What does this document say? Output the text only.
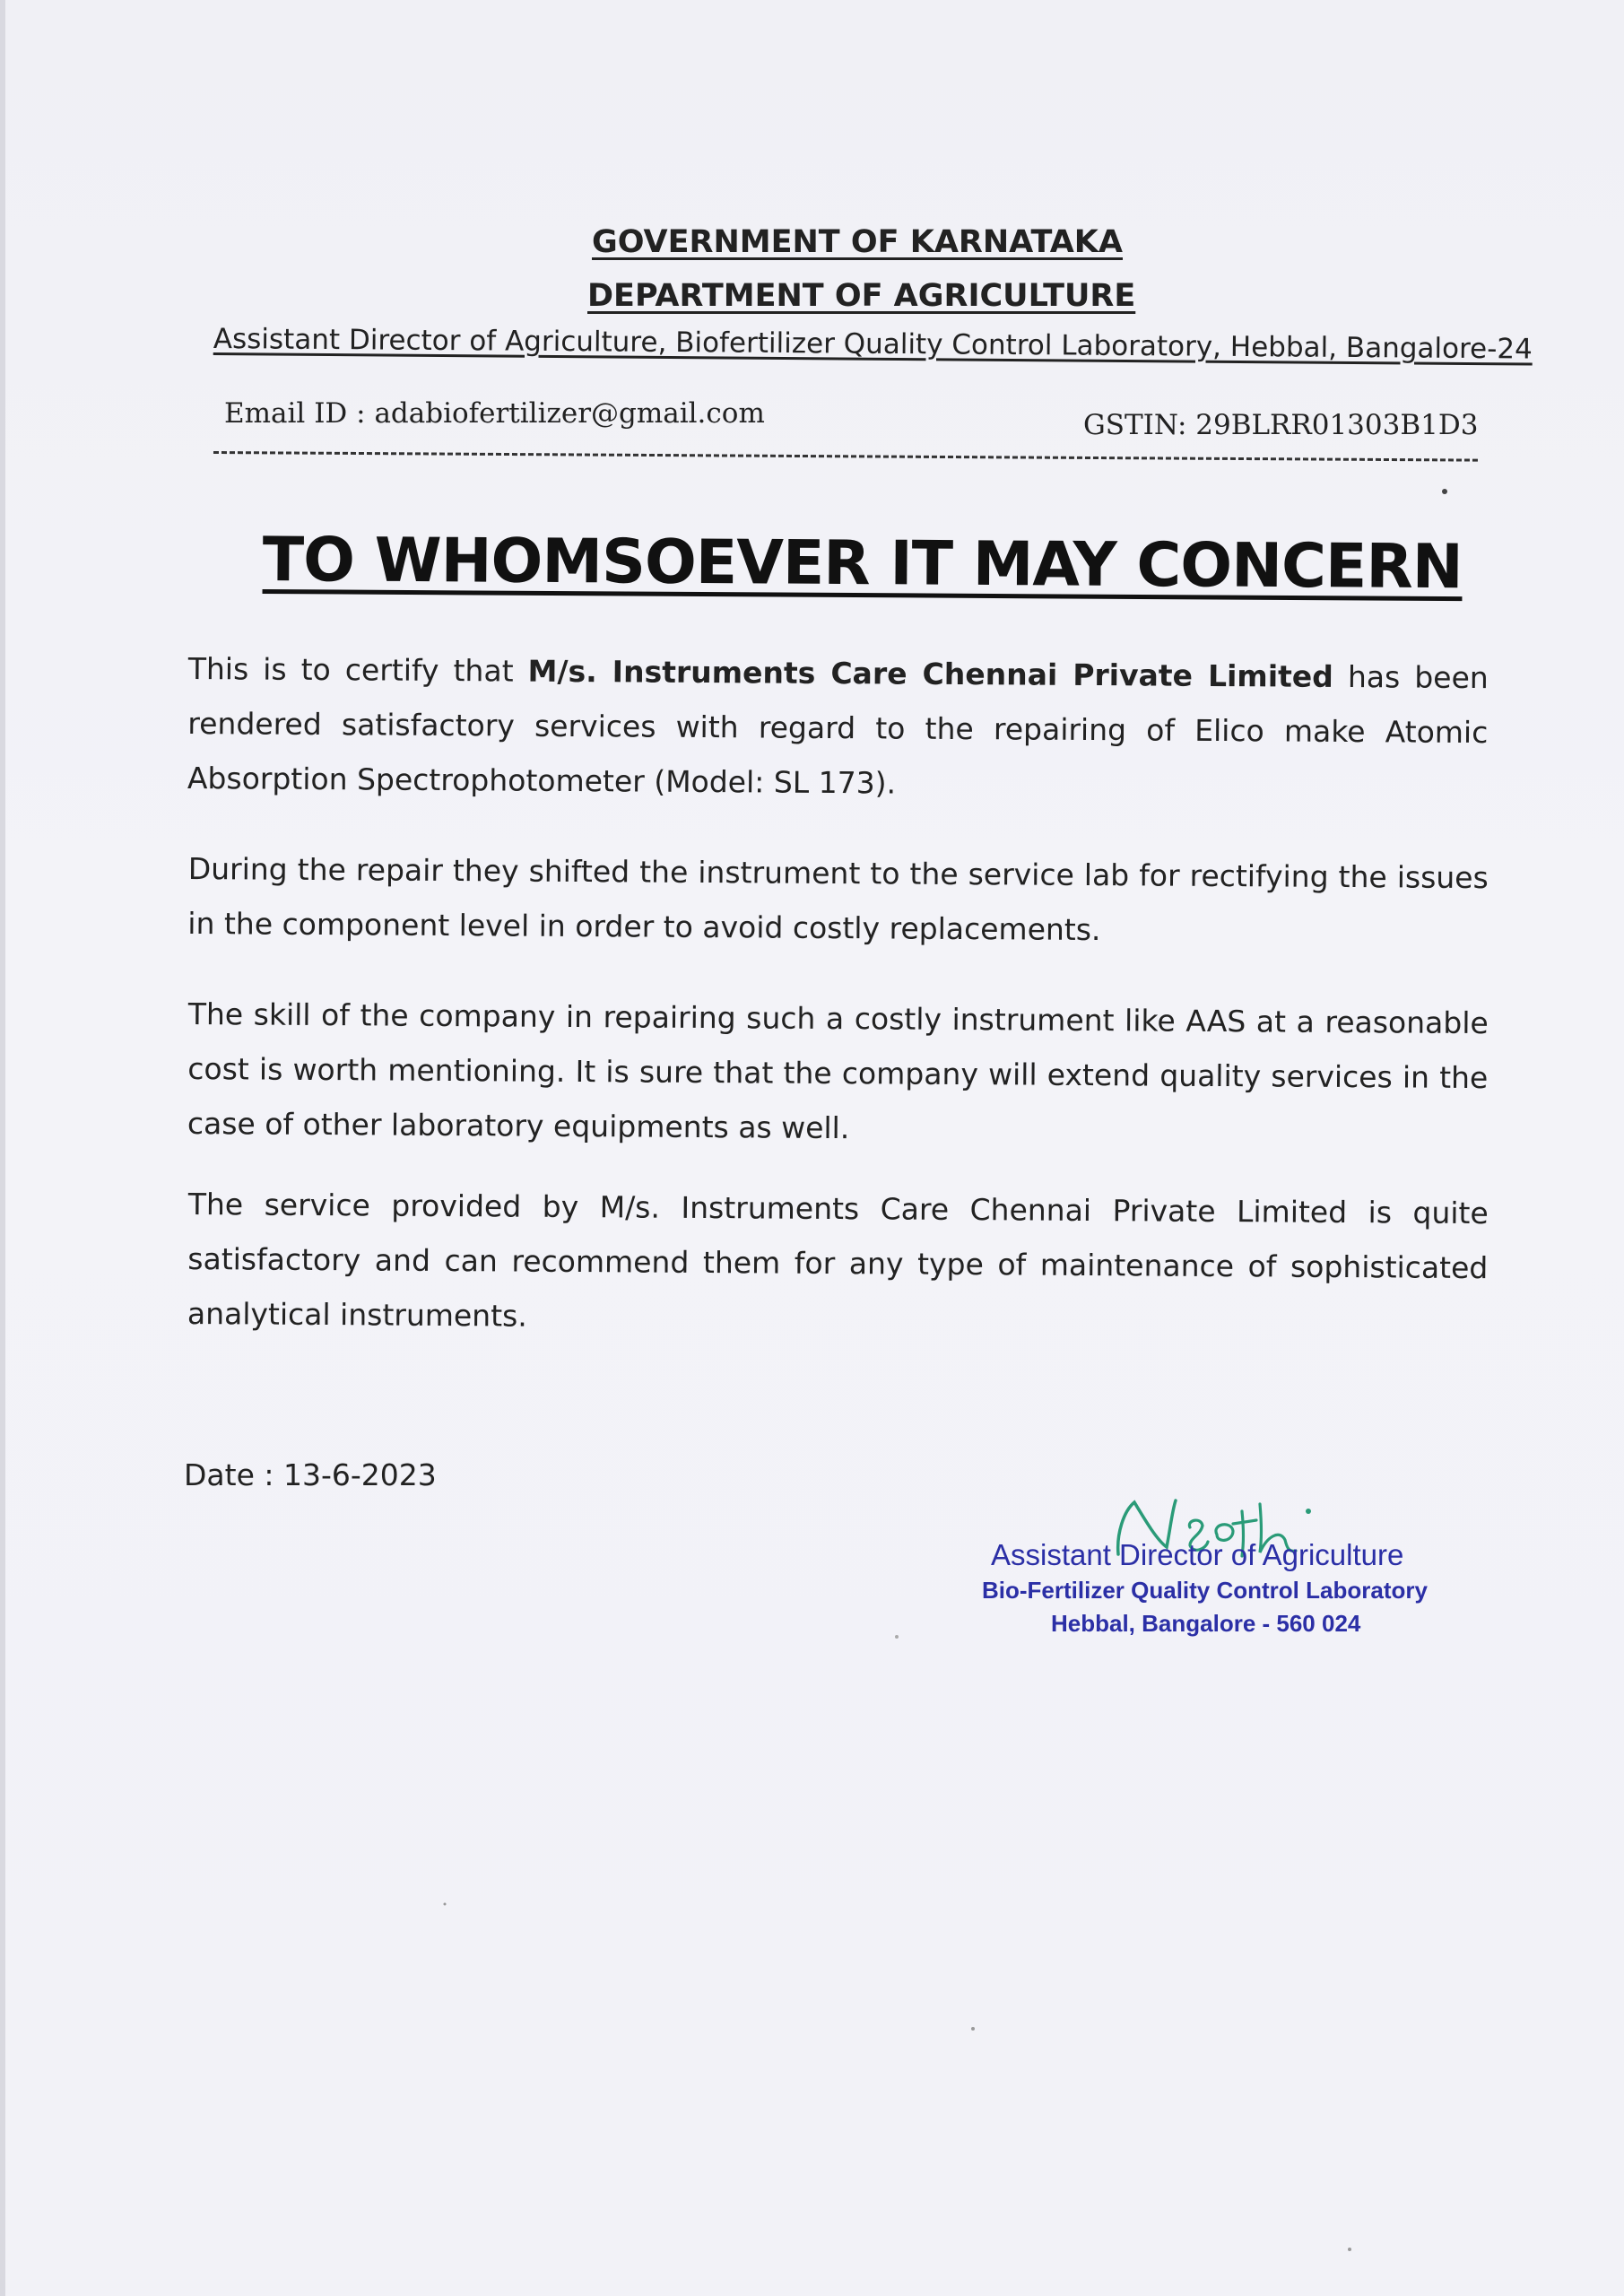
GOVERNMENT OF KARNATAKA
DEPARTMENT OF AGRICULTURE
Assistant Director of Agriculture, Biofertilizer Quality Control Laboratory, Hebbal, Bangalore-24
Email ID : adabiofertilizer@gmail.com	GSTIN: 29BLRR01303B1D3
TO WHOMSOEVER IT MAY CONCERN
This is to certify that M/s. Instruments Care Chennai Private Limited has been rendered satisfactory services with regard to the repairing of Elico make Atomic Absorption Spectrophotometer (Model: SL 173).
During the repair they shifted the instrument to the service lab for rectifying the issues in the component level in order to avoid costly replacements.
The skill of the company in repairing such a costly instrument like AAS at a reasonable cost is worth mentioning. It is sure that the company will extend quality services in the case of other laboratory equipments as well.
The service provided by M/s. Instruments Care Chennai Private Limited is quite satisfactory and can recommend them for any type of maintenance of sophisticated analytical instruments.
Date : 13-6-2023
Assistant Director of Agriculture
Bio-Fertilizer Quality Control Laboratory
Hebbal, Bangalore - 560 024
